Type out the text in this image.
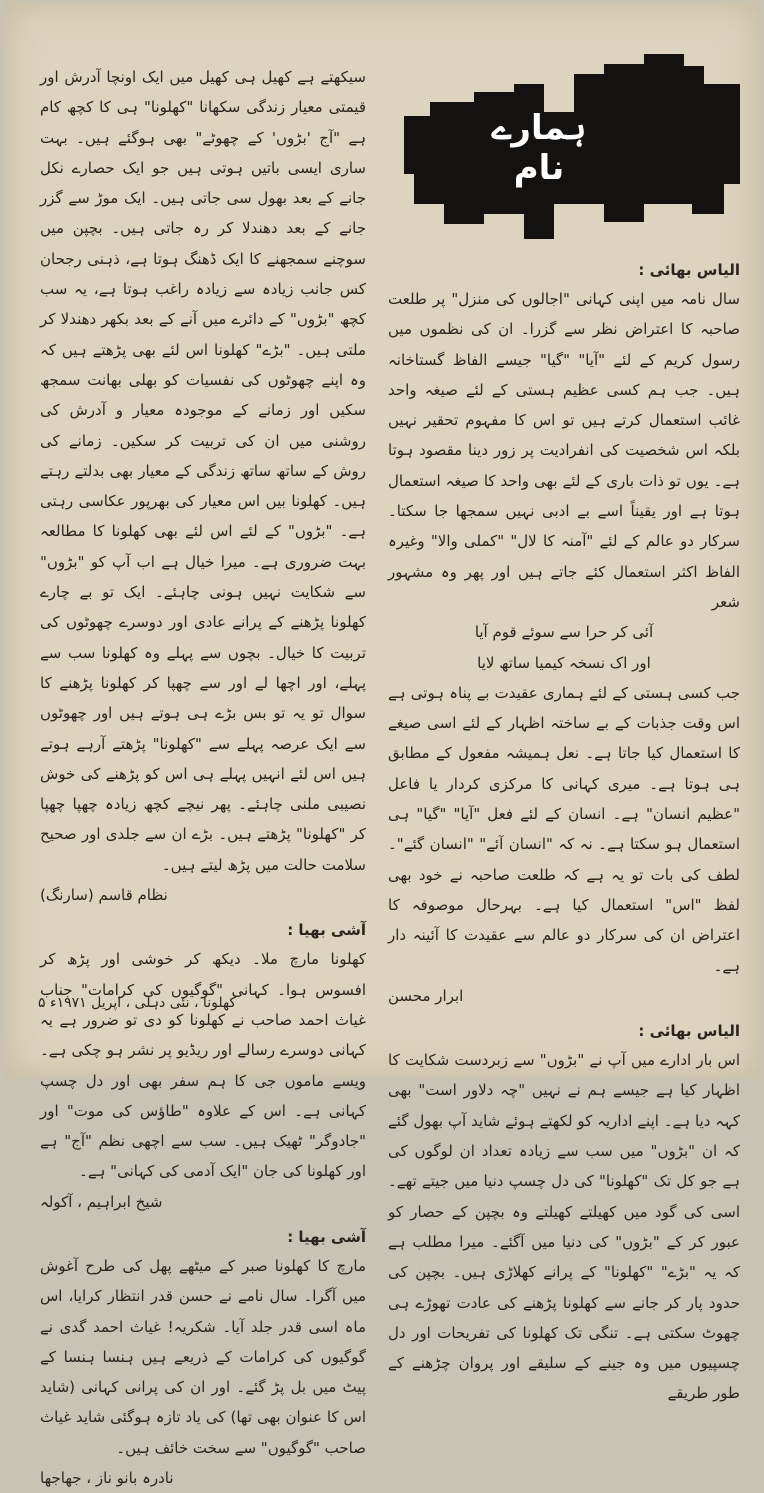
ہمارے نام

سیکھتے ہے کھیل ہی کھیل میں ایک اونچا آدرش اور قیمتی معیار زندگی سکھانا "کھلونا" ہی کا کچھ کام ہے "آج 'بڑوں' کے چھوٹے" بھی ہوگئے ہیں۔ بہت ساری ایسی باتیں ہوتی ہیں جو ایک حصارے نکل جانے کے بعد بھول سی جاتی ہیں۔ ایک موڑ سے گزر جانے کے بعد دھندلا کر رہ جاتی ہیں۔ بچپن میں سوچنے سمجھنے کا ایک ڈھنگ ہوتا ہے، ذہنی رجحان کس جانب زیادہ سے زیادہ راغب ہوتا ہے، یہ سب کچھ "بڑوں" کے دائرے میں آنے کے بعد بکھر دھندلا کر ملتی ہیں۔ "بڑے" کھلونا اس لئے بھی پڑھتے ہیں کہ وہ اپنے چھوٹوں کی نفسیات کو بھلی بھانت سمجھ سکیں اور زمانے کے موجودہ معیار و آدرش کی روشنی میں ان کی تربیت کر سکیں۔ زمانے کی روش کے ساتھ ساتھ زندگی کے معیار بھی بدلتے رہتے ہیں۔ کھلونا بیں اس معیار کی بھرپور عکاسی رہتی ہے۔ "بڑوں" کے لئے اس لئے بھی کھلونا کا مطالعہ بہت ضروری ہے۔ میرا خیال ہے اب آپ کو "بڑوں" سے شکایت نہیں ہونی چاہئے۔ ایک تو بے چارے کھلونا پڑھنے کے پرانے عادی اور دوسرے چھوٹوں کی تربیت کا خیال۔ بچوں سے پہلے وہ کھلونا سب سے پہلے، اور اچھا لے اور سے چھپا کر کھلونا پڑھنے کا سوال تو یہ تو بس بڑے ہی ہوتے ہیں اور چھوٹوں سے ایک عرصہ پہلے سے "کھلونا" پڑھتے آرہے ہوتے ہیں اس لئے انہیں پہلے ہی اس کو پڑھنے کی خوش نصیبی ملنی چاہئے۔ پھر نیچے کچھ زیادہ چھپا چھپا کر "کھلونا" پڑھتے ہیں۔ بڑے ان سے جلدی اور صحیح سلامت حالت میں پڑھ لیتے ہیں۔

نظام قاسم (سارنگ)

آشی بھیا :

کھلونا مارچ ملا۔ دیکھ کر خوشی اور پڑھ کر افسوس ہوا۔ کہانی "گوگیوں کی کرامات" جناب غیاث احمد صاحب نے کھلونا کو دی تو ضرور ہے یہ کہانی دوسرے رسالے اور ریڈیو پر نشر ہو چکی ہے۔ ویسے ماموں جی کا ہم سفر بھی اور دل چسپ کہانی ہے۔ اس کے علاوہ "طاؤس کی موت" اور "جادوگر" ٹھیک ہیں۔ سب سے اچھی نظم "آج" ہے اور کھلونا کی جان "ایک آدمی کی کہانی" ہے۔

شیخ ابراہیم ، آکولہ

آشی بھیا :

مارچ کا کھلونا صبر کے میٹھے پھل کی طرح آغوش میں آگرا۔ سال نامے نے حسن قدر انتظار کرایا، اس ماہ اسی قدر جلد آیا۔ شکریہ! غیاث احمد گدی نے گوگیوں کی کرامات کے ذریعے ہیں ہنسا ہنسا کے پیٹ میں بل پڑ گئے۔ اور ان کی پرانی کہانی (شاید اس کا عنوان بھی تھا) کی یاد تازہ ہوگئی شاید غیاث صاحب "گوگیوں" سے سخت خائف ہیں۔

نادرہ بانو ناز ، جھاجھا

الیاس بھائی :

سال نامہ میں اپنی کہانی "اجالوں کی منزل" پر طلعت صاحبہ کا اعتراض نظر سے گزرا۔ ان کی نظموں میں رسول کریم کے لئے "آیا" "گیا" جیسے الفاظ گستاخانہ ہیں۔ جب ہم کسی عظیم ہستی کے لئے صیغہ واحد غائب استعمال کرتے ہیں تو اس کا مفہوم تحقیر نہیں بلکہ اس شخصیت کی انفرادیت پر زور دینا مقصود ہوتا ہے۔ یوں تو ذات باری کے لئے بھی واحد کا صیغہ استعمال ہوتا ہے اور یقیناً اسے بے ادبی نہیں سمجھا جا سکتا۔ سرکار دو عالم کے لئے "آمنہ کا لال" "کملی والا" وغیرہ الفاظ اکثر استعمال کئے جاتے ہیں اور پھر وہ مشہور شعر

آئی کر حرا سے سوئے قوم آیا

اور اک نسخہ کیمیا ساتھ لایا

جب کسی ہستی کے لئے ہماری عقیدت بے پناہ ہوتی ہے اس وقت جذبات کے بے ساختہ اظہار کے لئے اسی صیغے کا استعمال کیا جاتا ہے۔ نعل ہمیشہ مفعول کے مطابق ہی ہوتا ہے۔ میری کہانی کا مرکزی کردار یا فاعل "عظیم انسان" ہے۔ انسان کے لئے فعل "آیا" "گیا" ہی استعمال ہو سکتا ہے۔ نہ کہ "انسان آئے" "انسان گئے"۔ لطف کی بات تو یہ ہے کہ طلعت صاحبہ نے خود بھی لفظ "اس" استعمال کیا ہے۔ بہرحال موصوفہ کا اعتراض ان کی سرکار دو عالم سے عقیدت کا آئینہ دار ہے۔

ابرار محسن

الیاس بھائی :

اس بار ادارے میں آپ نے "بڑوں" سے زبردست شکایت کا اظہار کیا ہے جیسے ہم نے نہیں "چہ دلاور است" بھی کہہ دیا ہے۔ اپنے اداریہ کو لکھتے ہوئے شاید آپ بھول گئے کہ ان "بڑوں" میں سب سے زیادہ تعداد ان لوگوں کی ہے جو کل تک "کھلونا" کی دل چسپ دنیا میں جیتے تھے۔ اسی کی گود میں کھیلتے کھیلتے وہ بچپن کے حصار کو عبور کر کے "بڑوں" کی دنیا میں آگئے۔ میرا مطلب ہے کہ یہ "بڑے" "کھلونا" کے پرانے کھلاڑی ہیں۔ بچپن کی حدود پار کر جانے سے کھلونا پڑھنے کی عادت تھوڑے ہی چھوٹ سکتی ہے۔ تنگی تک کھلونا کی تفریحات اور دل چسپیوں میں وہ جینے کے سلیقے اور پروان چڑھنے کے طور طریقے

کھلونا ، نئی دہلی ، اپریل ۱۹۷۱ء ۵
